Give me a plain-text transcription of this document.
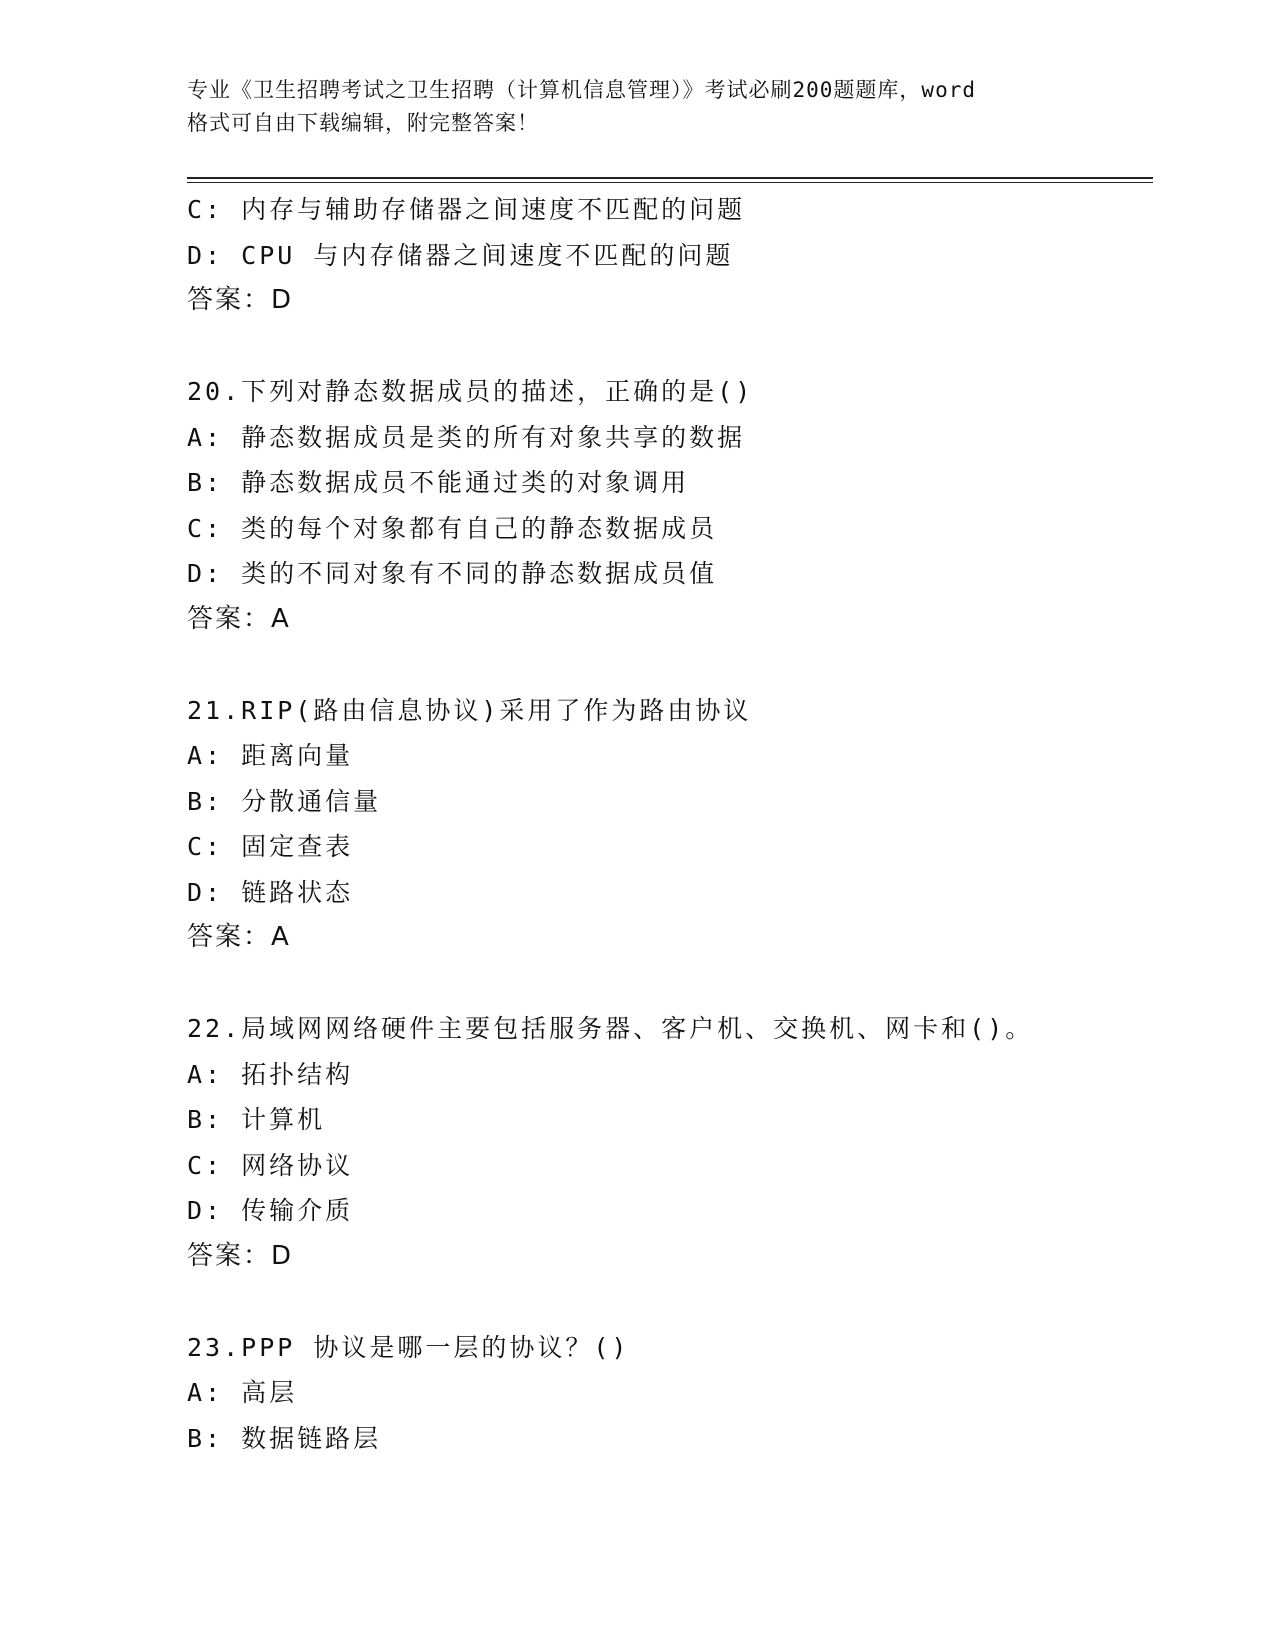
专业《卫生招聘考试之卫生招聘（计算机信息管理）》考试必刷200题题库，word
格式可自由下载编辑，附完整答案！
C: 内存与辅助存储器之间速度不匹配的问题
D: CPU 与内存储器之间速度不匹配的问题
答案：D
20.下列对静态数据成员的描述，正确的是()
A: 静态数据成员是类的所有对象共享的数据
B: 静态数据成员不能通过类的对象调用
C: 类的每个对象都有自己的静态数据成员
D: 类的不同对象有不同的静态数据成员值
答案：A
21.RIP(路由信息协议)采用了作为路由协议
A: 距离向量
B: 分散通信量
C: 固定查表
D: 链路状态
答案：A
22.局域网网络硬件主要包括服务器、客户机、交换机、网卡和()。
A: 拓扑结构
B: 计算机
C: 网络协议
D: 传输介质
答案：D
23.PPP 协议是哪一层的协议？()
A: 高层
B: 数据链路层
